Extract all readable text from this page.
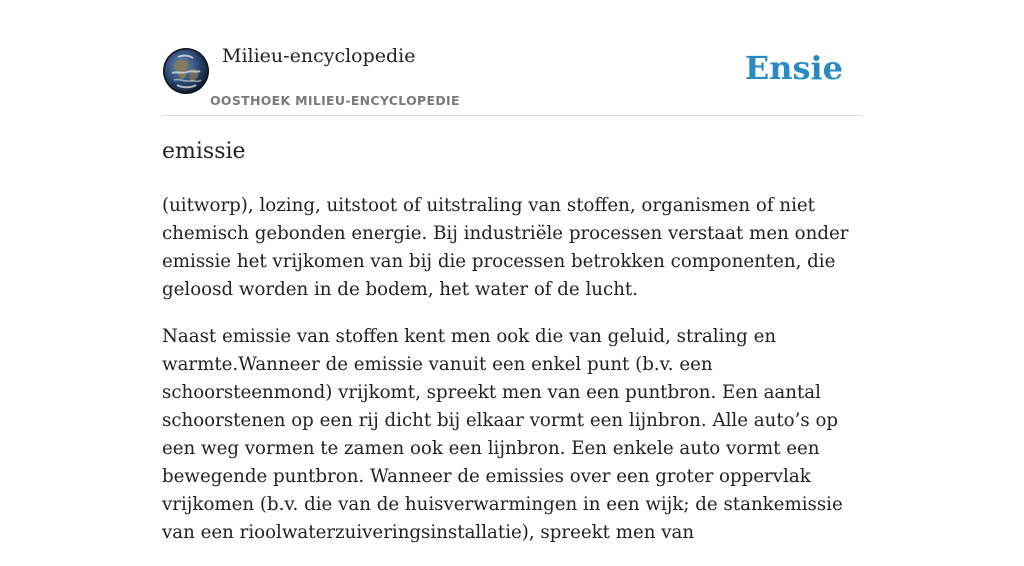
Milieu-encyclopedie
OOSTHOEK MILIEU-ENCYCLOPEDIE
Ensie
emissie

(uitworp), lozing, uitstoot of uitstraling van stoffen, organismen of niet chemisch gebonden energie. Bij industriële processen verstaat men onder emissie het vrijkomen van bij die processen betrokken componenten, die geloosd worden in de bodem, het water of de lucht.

Naast emissie van stoffen kent men ook die van geluid, straling en warmte.Wanneer de emissie vanuit een enkel punt (b.v. een schoorsteenmond) vrijkomt, spreekt men van een puntbron. Een aantal schoorstenen op een rij dicht bij elkaar vormt een lijnbron. Alle auto’s op een weg vormen te zamen ook een lijnbron. Een enkele auto vormt een bewegende puntbron. Wanneer de emissies over een groter oppervlak vrijkomen (b.v. die van de huisverwarmingen in een wijk; de stankemissie van een rioolwaterzuiveringsinstallatie), spreekt men van
